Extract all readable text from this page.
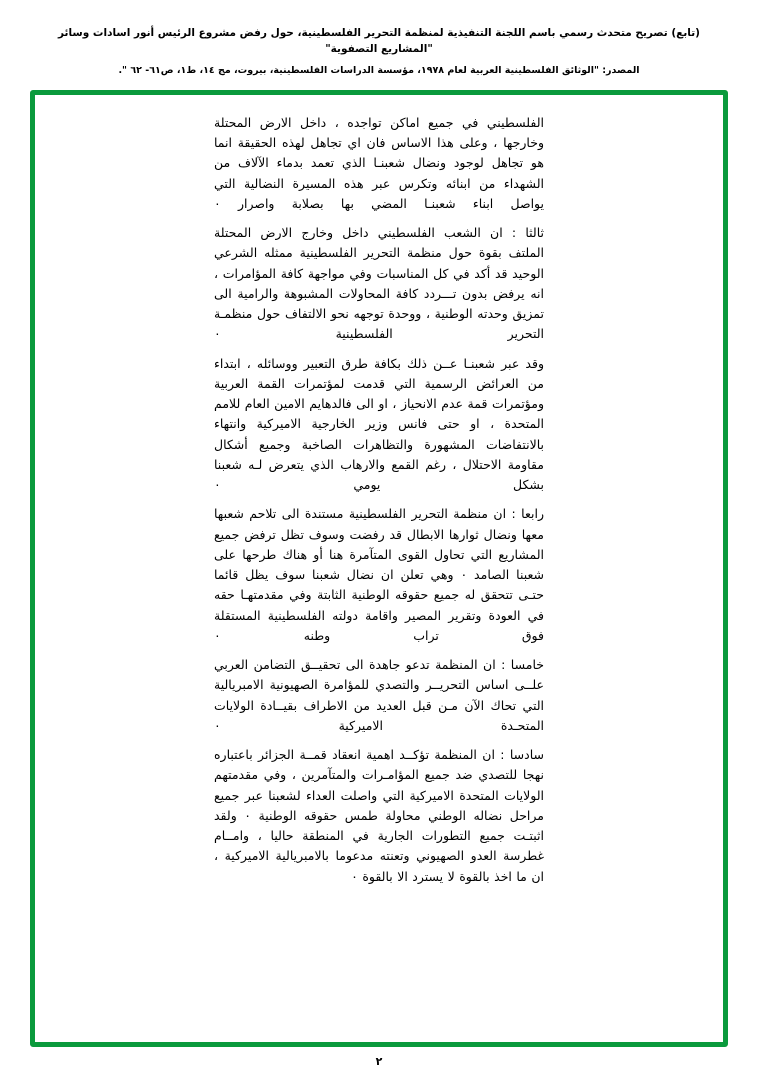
(تابع) تصريح متحدث رسمي باسم اللجنة التنفيذية لمنظمة التحرير الفلسطينية، حول رفض مشروع الرئيس أنور اسادات وسائر "المشاريع التصفوية"
المصدر: "الوثائق الفلسطينية العربية لعام ١٩٧٨، مؤسسة الدراسات الفلسطينية، بيروت، مج ١٤، ط١، ص٦١- ٦٢ ".

الفلسطيني في جميع اماكن تواجده ، داخل الارض المحتلة وخارجها ، وعلى هذا الاساس فان اي تجاهل لهذه الحقيقة انما هو تجاهل لوجود ونضال شعبنـا الذي تعمد بدماء الآلاف من الشهداء من ابنائه وتكرس عبر هذه المسيرة النضالية التي يواصل ابناء شعبنـا المضي بها بصلابة واصرار ٠

ثالثا : ان الشعب الفلسطيني داخل وخارج الارض المحتلة الملتف بقوة حول منظمة التحرير الفلسطينية ممثله الشرعي الوحيد قد أكد في كل المناسبات وفي مواجهة كافة المؤامرات ، انه يرفض بدون تـــردد كافة المحاولات المشبوهة والرامية الى تمزيق وحدته الوطنية ، ووحدة توجهه نحو الالتفاف حول منظمـة التحرير الفلسطينية ٠

وقد عبر شعبنـا عــن ذلك بكافة طرق التعبير ووسائله ، ابتداء من العرائض الرسمية التي قدمت لمؤتمرات القمة العربية ومؤتمرات قمة عدم الانحياز ، او الى فالدهايم الامين العام للامم المتحدة ، او حتى فانس وزير الخارجية الاميركية وانتهاء بالانتفاضات المشهورة والتظاهرات الصاخبة وجميع أشكال مقاومة الاحتلال ، رغم القمع والارهاب الذي يتعرض لـه شعبنا بشكل يومي ٠

رابعا : ان منظمة التحرير الفلسطينية مستندة الى تلاحم شعبها معها ونضال ثوارها الابطال قد رفضت وسوف تظل ترفض جميع المشاريع التي تحاول القوى المتآمرة هنا أو هناك طرحها على شعبنا الصامد ٠ وهي تعلن ان نضال شعبنا سوف يظل قائما حتـى تتحقق له جميع حقوقه الوطنية الثابتة وفي مقدمتهـا حقه في العودة وتقرير المصير واقامة دولته الفلسطينية المستقلة فوق تراب وطنه ٠

خامسا : ان المنظمة تدعو جاهدة الى تحقيــق التضامن العربي علــى اساس التحريــر والتصدي للمؤامرة الصهيونية الامبريالية التي تحاك الآن مـن قبل العديد من الاطراف بقيــادة الولايات المتحـدة الاميركية ٠

سادسا : ان المنظمة تؤكــد اهمية انعقاد قمــة الجزائر باعتباره نهجا للتصدي ضد جميع المؤامـرات والمتآمرين ، وفي مقدمتهم الولايات المتحدة الاميركية التي واصلت العداء لشعبنا عبر جميع مراحل نضاله الوطني محاولة طمس حقوقه الوطنية ٠ ولقد اثبتـت جميع التطورات الجارية في المنطقة حاليا ، وامــام غطرسة العدو الصهيوني وتعنته مدعوما بالامبريالية الاميركية ، ان ما اخذ بالقوة لا يسترد الا بالقوة ٠

٢
